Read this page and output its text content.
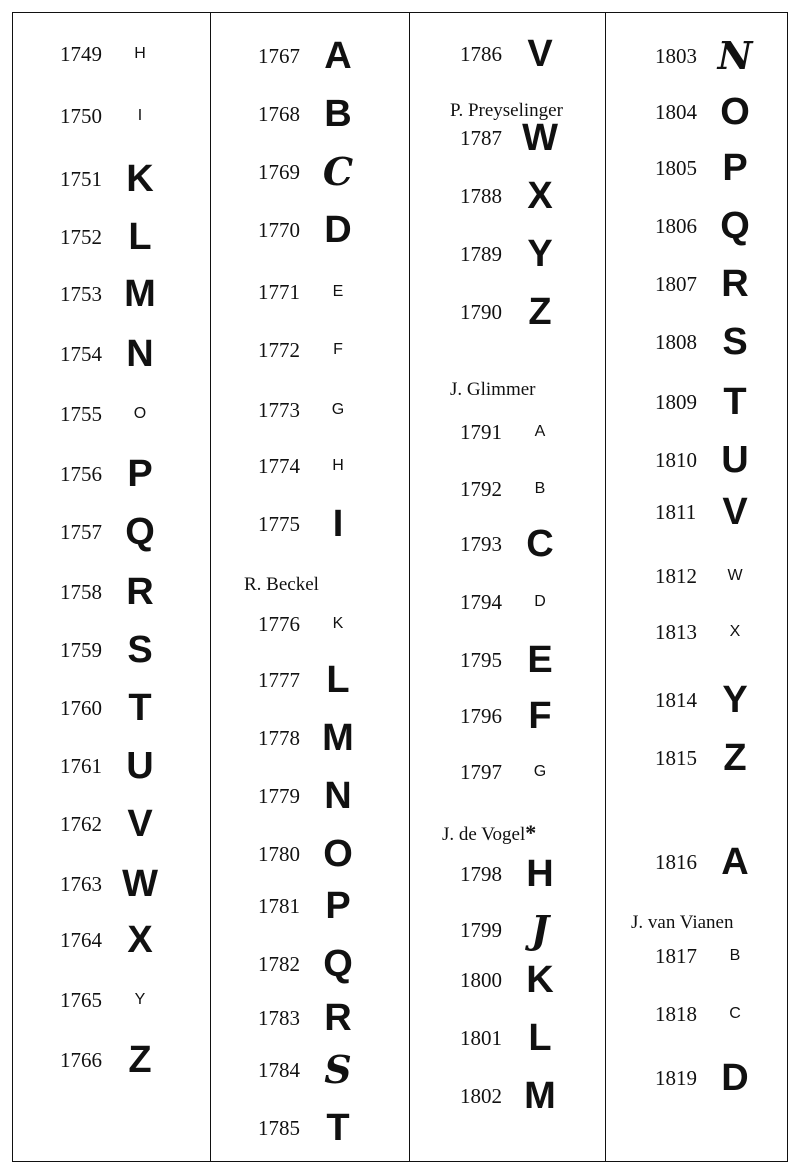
1749	H
1750	I
1751 K
1752 L
1753 M
1754 N
1755	O
1756 P
1757 Q
1758 R
1759 S
1760 T
1761 U
1762 V
1763 W
1764 X
1765	Y
1766 Z
1767 A
1768 B
1769 C
1770 D
1771	E
1772	F
1773	G
1774	H
1775 I
R. Beckel
1776	K
1777 L
1778 M
1779 N
1780 O
1781 P
1782 Q
1783 R
1784 S
1785 T
1786 V
P. Preyselinger
1787 W
1788 X
1789 Y
1790 Z
J. Glimmer
1791	A
1792	B
1793 C
1794	D
1795 E
1796 F
1797	G
J. de Vogel*
1798 H
1799 J
1800 K
1801 L
1802 M
1803 N
1804 O
1805 P
1806 Q
1807 R
1808 S
1809 T
1810 U
1811 V
1812	W
1813	X
1814 Y
1815 Z
1816 A
J. van Vianen
1817	B
1818	C
1819 D
